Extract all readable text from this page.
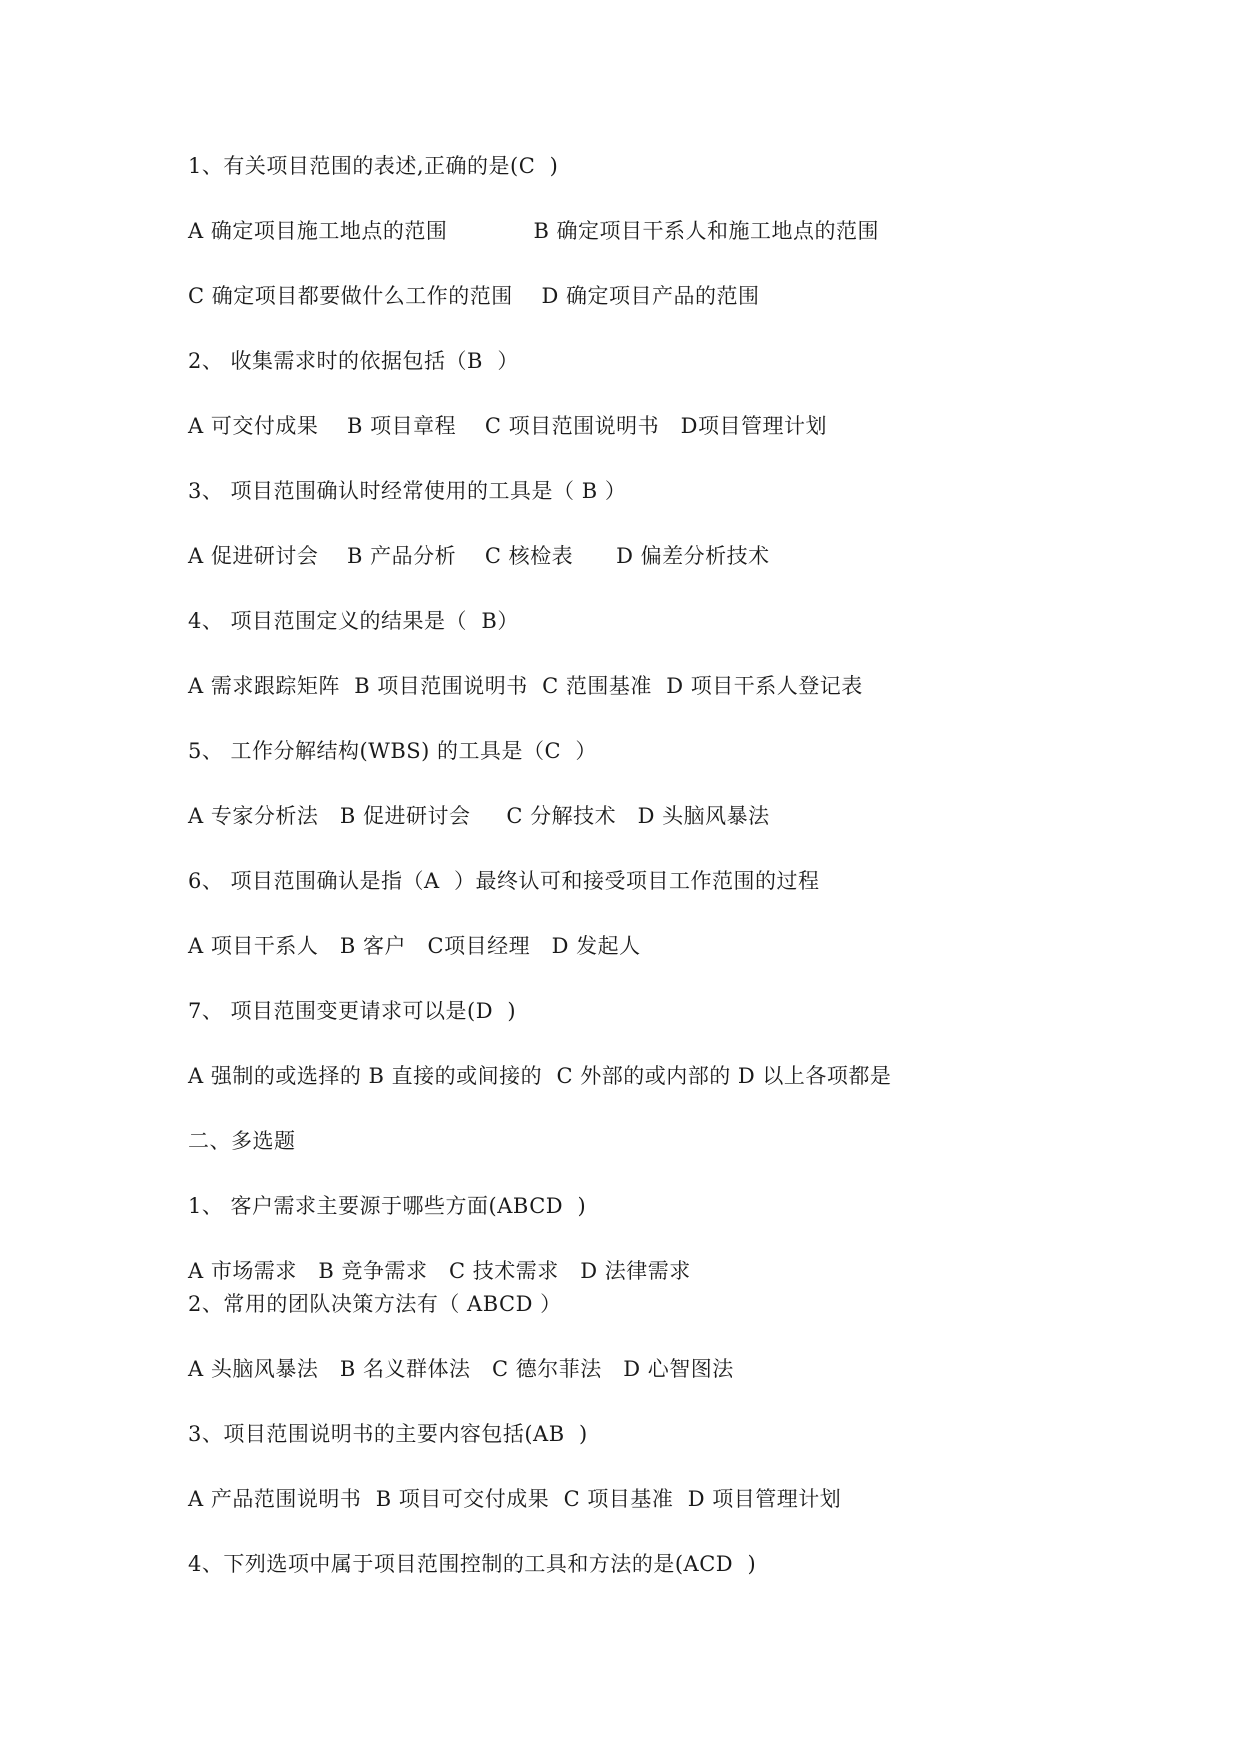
1、有关项目范围的表述,正确的是(C  )
A 确定项目施工地点的范围            B 确定项目干系人和施工地点的范围
C 确定项目都要做什么工作的范围    D 确定项目产品的范围
2、 收集需求时的依据包括（B  ）
A 可交付成果    B 项目章程    C 项目范围说明书   D项目管理计划
3、 项目范围确认时经常使用的工具是（ B ）
A 促进研讨会    B 产品分析    C 核检表      D 偏差分析技术
4、 项目范围定义的结果是（  B）
A 需求跟踪矩阵  B 项目范围说明书  C 范围基准  D 项目干系人登记表
5、 工作分解结构(WBS) 的工具是（C  ）
A 专家分析法   B 促进研讨会     C 分解技术   D 头脑风暴法
6、 项目范围确认是指（A  ）最终认可和接受项目工作范围的过程
A 项目干系人   B 客户   C项目经理   D 发起人
7、 项目范围变更请求可以是(D  )
A 强制的或选择的 B 直接的或间接的  C 外部的或内部的 D 以上各项都是
二、多选题
1、 客户需求主要源于哪些方面(ABCD  )
A 市场需求   B 竞争需求   C 技术需求   D 法律需求
2、常用的团队决策方法有（ ABCD ）
A 头脑风暴法   B 名义群体法   C 德尔菲法   D 心智图法
3、项目范围说明书的主要内容包括(AB  )
A 产品范围说明书  B 项目可交付成果  C 项目基准  D 项目管理计划
4、下列选项中属于项目范围控制的工具和方法的是(ACD  )
